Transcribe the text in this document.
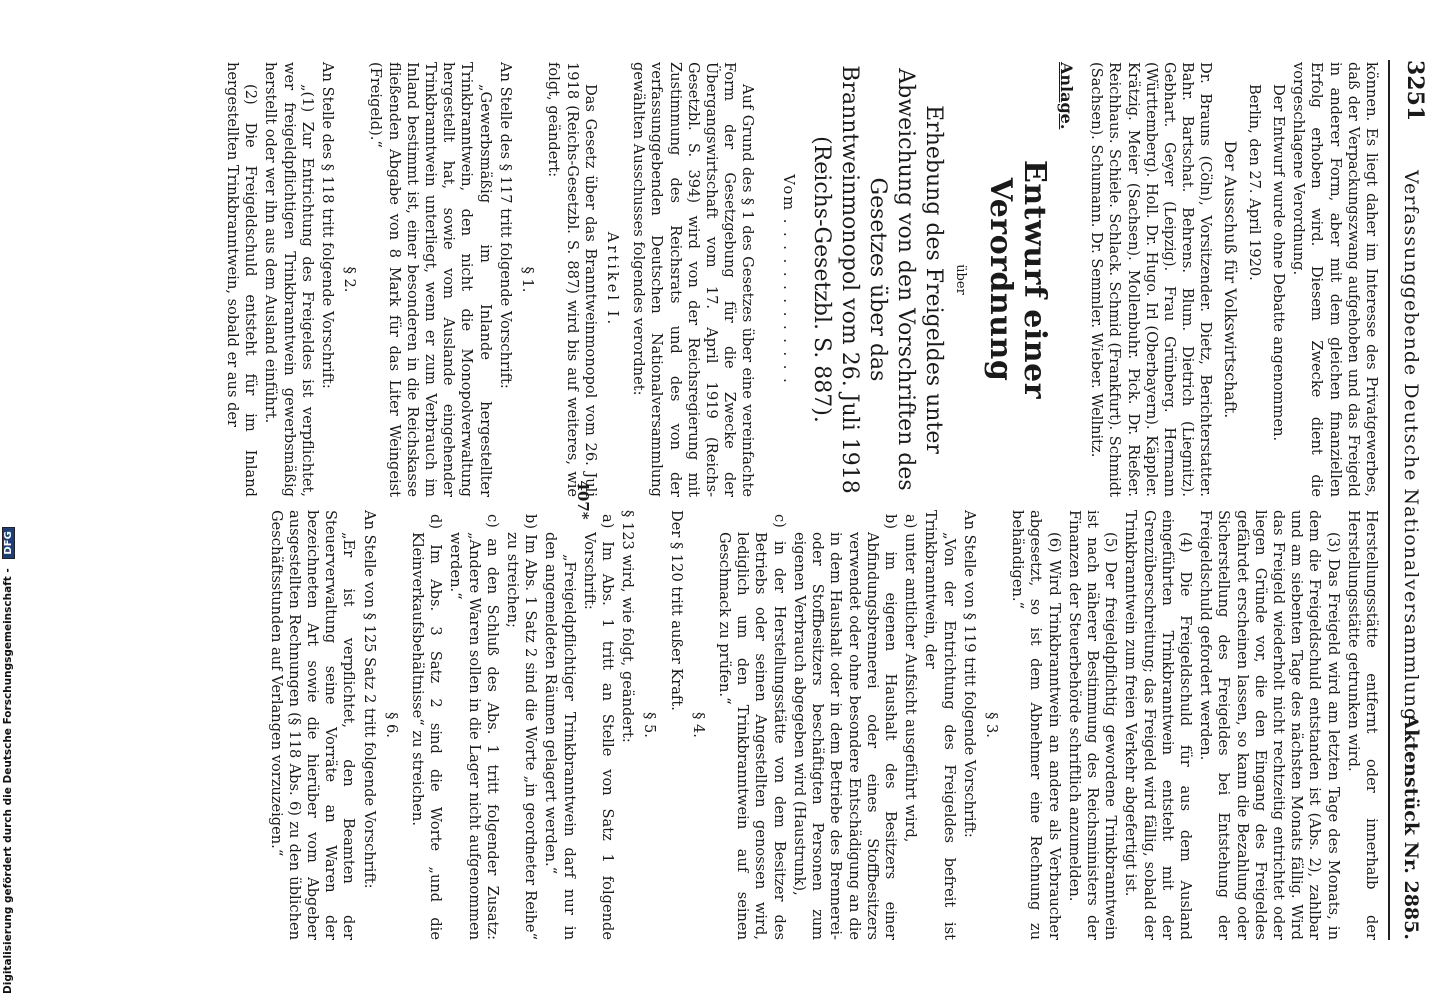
3251
Verfassunggebende Deutsche Nationalversammlung.
Aktenstück Nr. 2885.

können. Es liegt daher im Interesse des Privatgewerbes, daß der Verpackungszwang aufgehoben und das Freigeld in anderer Form, aber mit dem gleichen finanziellen Erfolg erhoben wird. Diesem Zwecke dient die vorgeschlagene Verordnung.

Der Entwurf wurde ohne Debatte angenommen.

Berlin, den 27. April 1920.

Der Ausschuß für Volkswirtschaft.

Dr. Brauns (Cöln), Vorsitzender. Dietz, Berichterstatter. Bahr. Bartschat. Behrens. Blum. Dietrich (Liegnitz). Gebhart. Geyer (Leipzig). Frau Grünberg. Hermann (Württemberg). Holl. Dr. Hugo. Irl (Oberbayern). Käppler. Krätzig. Meier (Sachsen). Mollenbuhr. Pick. Dr. Rießer. Reichhaus. Schiele. Schlack. Schmid (Frankfurt). Schmidt (Sachsen). Schumann. Dr. Semmler. Wieber. Wellnitz.

Anlage.

Entwurf einer Verordnung

über

Erhebung des Freigeldes unter Abweichung von den Vorschriften des Gesetzes über das Branntweinmonopol vom 26. Juli 1918 (Reichs-Gesetzbl. S. 887).

Vom . . . . . . . . . . . . .

Auf Grund des § 1 des Gesetzes über eine vereinfachte Form der Gesetzgebung für die Zwecke der Übergangswirtschaft vom 17. April 1919 (Reichs-Gesetzbl. S. 394) wird von der Reichsregierung mit Zustimmung des Reichsrats und des von der verfassunggebenden Deutschen Nationalversammlung gewählten Ausschusses folgendes verordnet:

Artikel I.

Das Gesetz über das Branntweinmonopol vom 26. Juli 1918 (Reichs-Gesetzbl. S. 887) wird bis auf weiteres, wie folgt, geändert:

§ 1.

An Stelle des § 117 tritt folgende Vorschrift:

„Gewerbsmäßig im Inlande hergestellter Trinkbranntwein, den nicht die Monopolverwaltung hergestellt hat, sowie vom Auslande eingehender Trinkbranntwein unterliegt, wenn er zum Verbrauch im Inland bestimmt ist, einer besonderen in die Reichskasse fließenden Abgabe von 8 Mark für das Liter Weingeist (Freigeld).“

§ 2.

An Stelle des § 118 tritt folgende Vorschrift:

„(1) Zur Entrichtung des Freigeldes ist verpflichtet, wer freigeldpflichtigen Trinkbranntwein gewerbsmäßig herstellt oder wer ihn aus dem Ausland einführt.

(2) Die Freigeldschuld entsteht für im Inland hergestellten Trinkbranntwein, sobald er aus der

Herstellungsstätte entfernt oder innerhalb der Herstellungsstätte getrunken wird.

(3) Das Freigeld wird am letzten Tage des Monats, in dem die Freigeldschuld entstanden ist (Abs. 2), zahlbar und am siebenten Tage des nächsten Monats fällig. Wird das Freigeld wiederholt nicht rechtzeitig entrichtet oder liegen Gründe vor, die den Eingang des Freigeldes gefährdet erscheinen lassen, so kann die Bezahlung oder Sicherstellung des Freigeldes bei Entstehung der Freigeldschuld gefordert werden.

(4) Die Freigeldschuld für aus dem Ausland eingeführten Trinkbranntwein entsteht mit der Grenzüberschreitung; das Freigeld wird fällig, sobald der Trinkbranntwein zum freien Verkehr abgefertigt ist.

(5) Der freigeldpflichtig gewordene Trinkbranntwein ist nach näherer Bestimmung des Reichsministers der Finanzen der Steuerbehörde schriftlich anzumelden.

(6) Wird Trinkbranntwein an andere als Verbraucher abgesetzt, so ist dem Abnehmer eine Rechnung zu behändigen.“

§ 3.

An Stelle von § 119 tritt folgende Vorschrift:

„Von der Entrichtung des Freigeldes befreit ist Trinkbranntwein, der

a) unter amtlicher Aufsicht ausgeführt wird,

b) im eigenen Haushalt des Besitzers einer Abfindungsbrennerei oder eines Stoffbesitzers verwendet oder ohne besondere Entschädigung an die in dem Haushalt oder in dem Betriebe des Brennerei- oder Stoffbesitzers beschäftigten Personen zum eigenen Verbrauch abgegeben wird (Haustrunk),

c) in der Herstellungsstätte von dem Besitzer des Betriebs oder seinen Angestellten genossen wird, lediglich um den Trinkbranntwein auf seinen Geschmack zu prüfen.“

§ 4.

Der § 120 tritt außer Kraft.

§ 5.

§ 123 wird, wie folgt, geändert:

a) Im Abs. 1 tritt an Stelle von Satz 1 folgende Vorschrift:

„Freigeldpflichtiger Trinkbranntwein darf nur in den angemeldeten Räumen gelagert werden.“

b) Im Abs. 1 Satz 2 sind die Worte „in geordneter Reihe“ zu streichen;

c) an den Schluß des Abs. 1 tritt folgender Zusatz: „Andere Waren sollen in die Lager nicht aufgenommen werden.“

d) Im Abs. 3 Satz 2 sind die Worte „und die Kleinverkaufsbehältnisse“ zu streichen.

§ 6.

An Stelle von § 125 Satz 2 tritt folgende Vorschrift:

„Er ist verpflichtet, den Beamten der Steuerverwaltung seine Vorräte an Waren der bezeichneten Art sowie die hierüber vom Abgeber ausgestellten Rechnungen (§ 118 Abs. 6) zu den üblichen Geschäftsstunden auf Verlangen vorzuzeigen.“

407*
Digitalisierung gefördert durch die Deutsche Forschungsgemeinschaft - DFG
